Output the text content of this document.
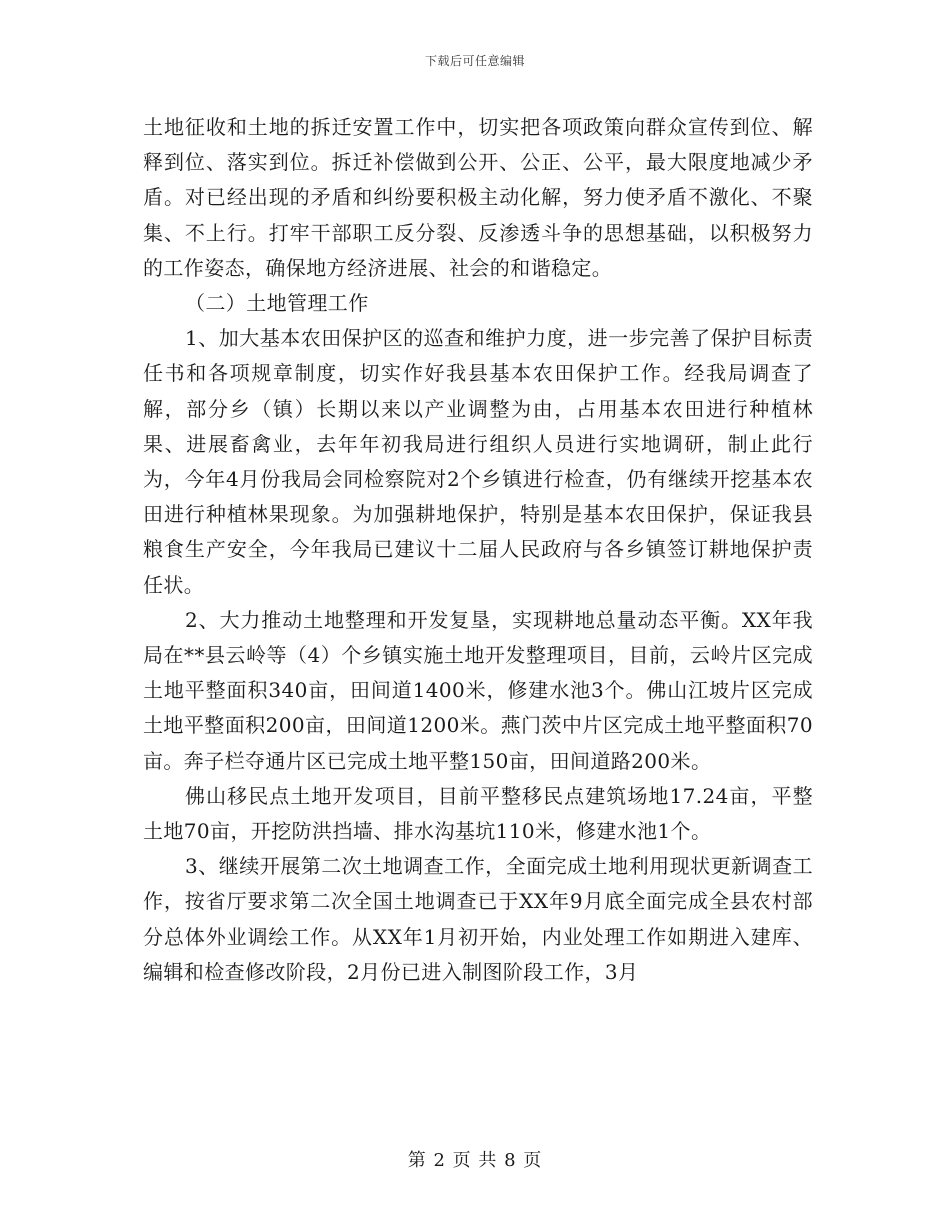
下载后可任意编辑

土地征收和土地的拆迁安置工作中，切实把各项政策向群众宣传到位、解释到位、落实到位。拆迁补偿做到公开、公正、公平，最大限度地减少矛盾。对已经出现的矛盾和纠纷要积极主动化解，努力使矛盾不激化、不聚集、不上行。打牢干部职工反分裂、反渗透斗争的思想基础，以积极努力的工作姿态，确保地方经济进展、社会的和谐稳定。

（二）土地管理工作

1、加大基本农田保护区的巡查和维护力度，进一步完善了保护目标责任书和各项规章制度，切实作好我县基本农田保护工作。经我局调查了解，部分乡（镇）长期以来以产业调整为由，占用基本农田进行种植林果、进展畜禽业，去年年初我局进行组织人员进行实地调研，制止此行为，今年4月份我局会同检察院对2个乡镇进行检查，仍有继续开挖基本农田进行种植林果现象。为加强耕地保护，特别是基本农田保护，保证我县粮食生产安全，今年我局已建议十二届人民政府与各乡镇签订耕地保护责任状。

2、大力推动土地整理和开发复垦，实现耕地总量动态平衡。XX年我局在**县云岭等（4）个乡镇实施土地开发整理项目，目前，云岭片区完成土地平整面积340亩，田间道1400米，修建水池3个。佛山江坡片区完成土地平整面积200亩，田间道1200米。燕门茨中片区完成土地平整面积70亩。奔子栏夺通片区已完成土地平整150亩，田间道路200米。

佛山移民点土地开发项目，目前平整移民点建筑场地17.24亩，平整土地70亩，开挖防洪挡墙、排水沟基坑110米，修建水池1个。

3、继续开展第二次土地调查工作，全面完成土地利用现状更新调查工作，按省厅要求第二次全国土地调查已于XX年9月底全面完成全县农村部分总体外业调绘工作。从XX年1月初开始，内业处理工作如期进入建库、编辑和检查修改阶段，2月份已进入制图阶段工作，3月

第 2 页 共 8 页
